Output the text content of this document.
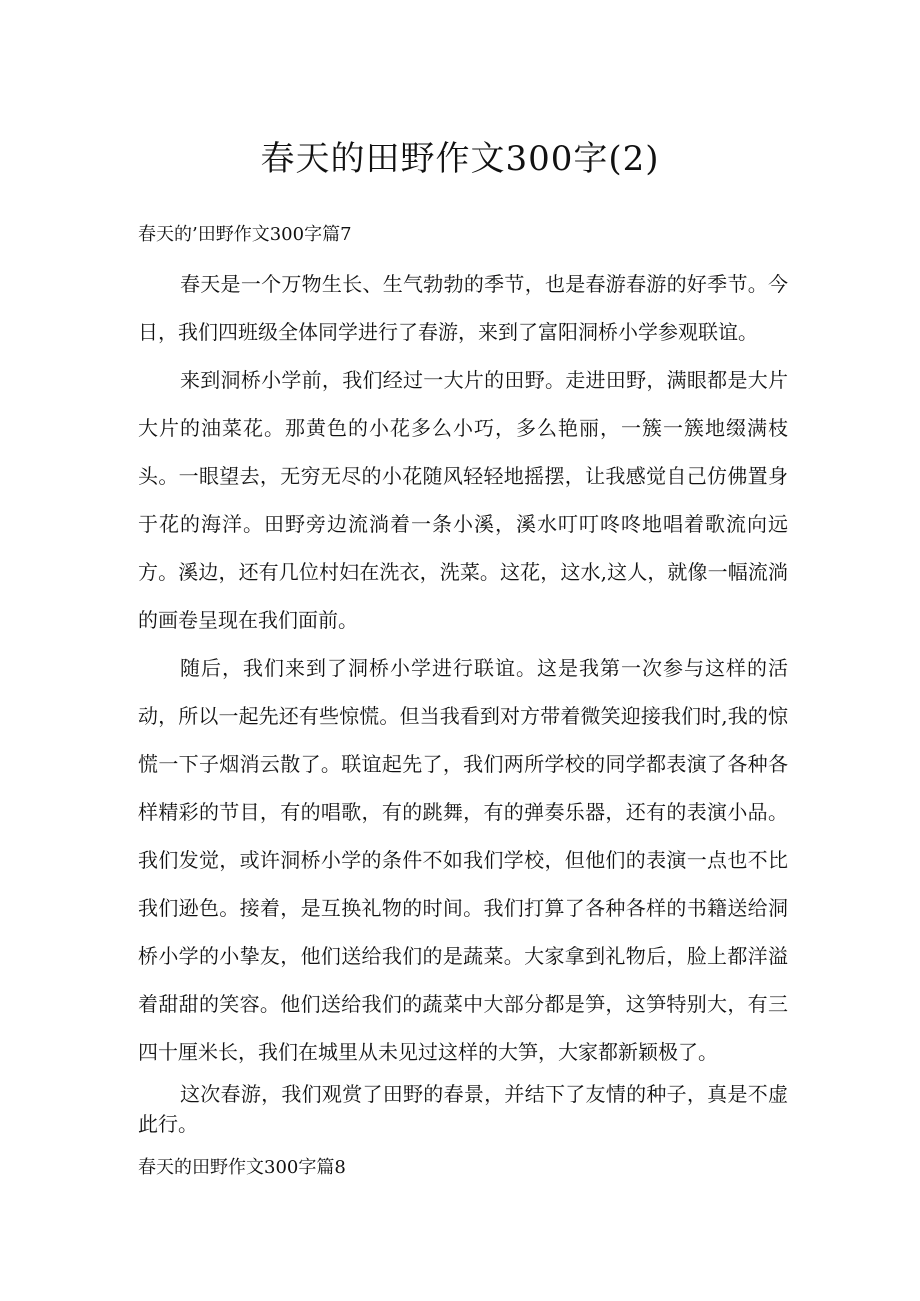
春天的田野作文300字(2)
春天的’田野作文300字篇7
春天是一个万物生长、生气勃勃的季节，也是春游春游的好季节。今日，我们四班级全体同学进行了春游，来到了富阳洞桥小学参观联谊。
来到洞桥小学前，我们经过一大片的田野。走进田野，满眼都是大片大片的油菜花。那黄色的小花多么小巧，多么艳丽，一簇一簇地缀满枝头。一眼望去，无穷无尽的小花随风轻轻地摇摆，让我感觉自己仿佛置身于花的海洋。田野旁边流淌着一条小溪，溪水叮叮咚咚地唱着歌流向远方。溪边，还有几位村妇在洗衣，洗菜。这花，这水,这人，就像一幅流淌的画卷呈现在我们面前。
随后，我们来到了洞桥小学进行联谊。这是我第一次参与这样的活动，所以一起先还有些惊慌。但当我看到对方带着微笑迎接我们时,我的惊慌一下子烟消云散了。联谊起先了，我们两所学校的同学都表演了各种各样精彩的节目，有的唱歌，有的跳舞，有的弹奏乐器，还有的表演小品。我们发觉，或许洞桥小学的条件不如我们学校，但他们的表演一点也不比我们逊色。接着，是互换礼物的时间。我们打算了各种各样的书籍送给洞桥小学的小挚友，他们送给我们的是蔬菜。大家拿到礼物后，脸上都洋溢着甜甜的笑容。他们送给我们的蔬菜中大部分都是笋，这笋特别大，有三四十厘米长，我们在城里从未见过这样的大笋，大家都新颖极了。
这次春游，我们观赏了田野的春景，并结下了友情的种子，真是不虚此行。
春天的田野作文300字篇8
